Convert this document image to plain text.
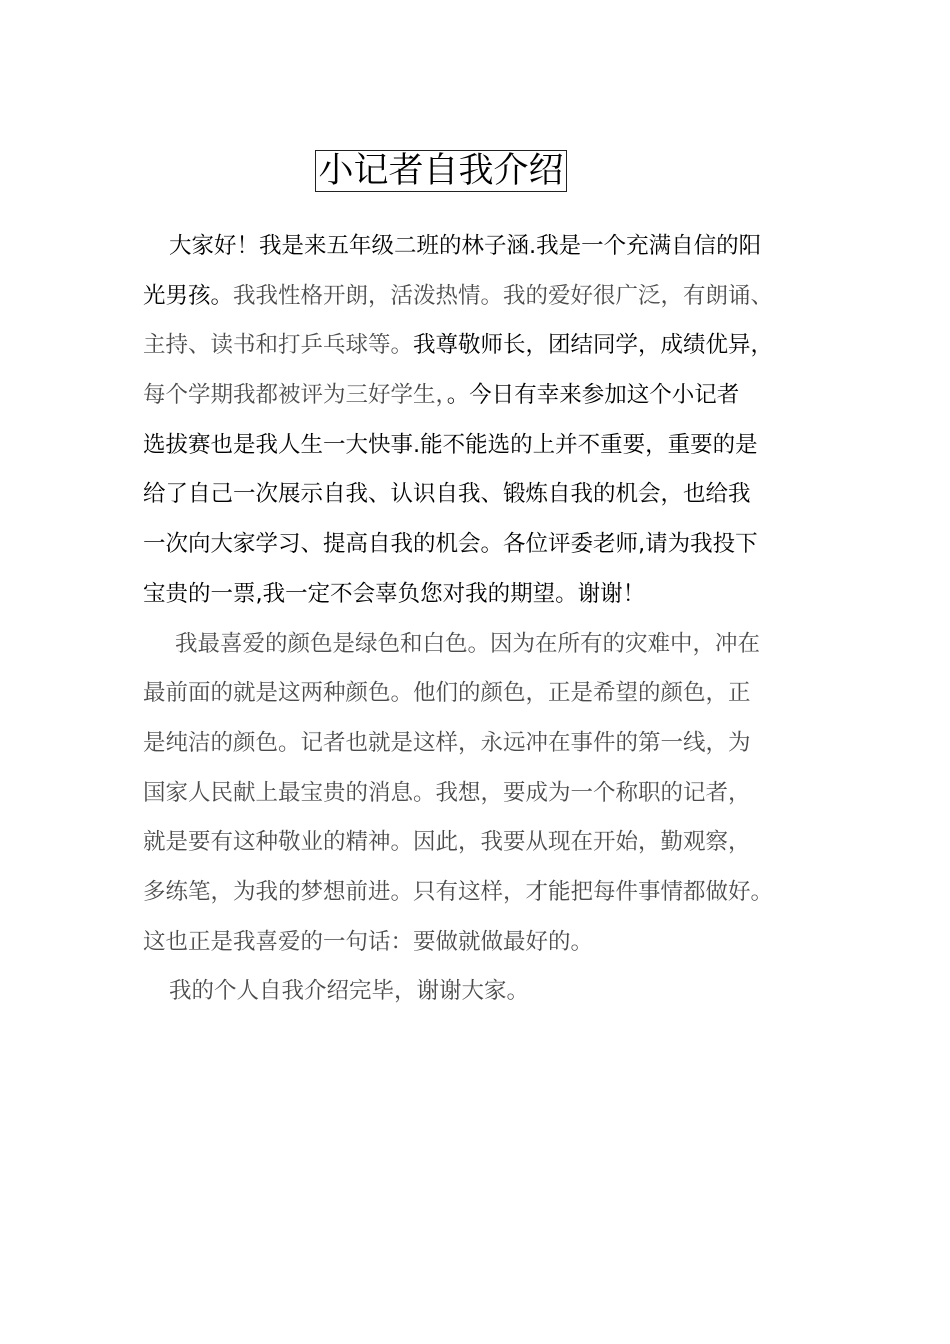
小记者自我介绍
大家好！我是来五年级二班的林子涵.我是一个充满自信的阳
光男孩。我我性格开朗，活泼热情。我的爱好很广泛，有朗诵、
主持、读书和打乒乓球等。我尊敬师长，团结同学，成绩优异，
每个学期我都被评为三好学生，。今日有幸来参加这个小记者
选拔赛也是我人生一大快事.能不能选的上并不重要，重要的是
给了自己一次展示自我、认识自我、锻炼自我的机会，也给我
一次向大家学习、提高自我的机会。各位评委老师,请为我投下
宝贵的一票,我一定不会辜负您对我的期望。谢谢！
我最喜爱的颜色是绿色和白色。因为在所有的灾难中，冲在
最前面的就是这两种颜色。他们的颜色，正是希望的颜色，正
是纯洁的颜色。记者也就是这样，永远冲在事件的第一线，为
国家人民献上最宝贵的消息。我想，要成为一个称职的记者，
就是要有这种敬业的精神。因此，我要从现在开始，勤观察，
多练笔，为我的梦想前进。只有这样，才能把每件事情都做好。
这也正是我喜爱的一句话：要做就做最好的。
我的个人自我介绍完毕，谢谢大家。
